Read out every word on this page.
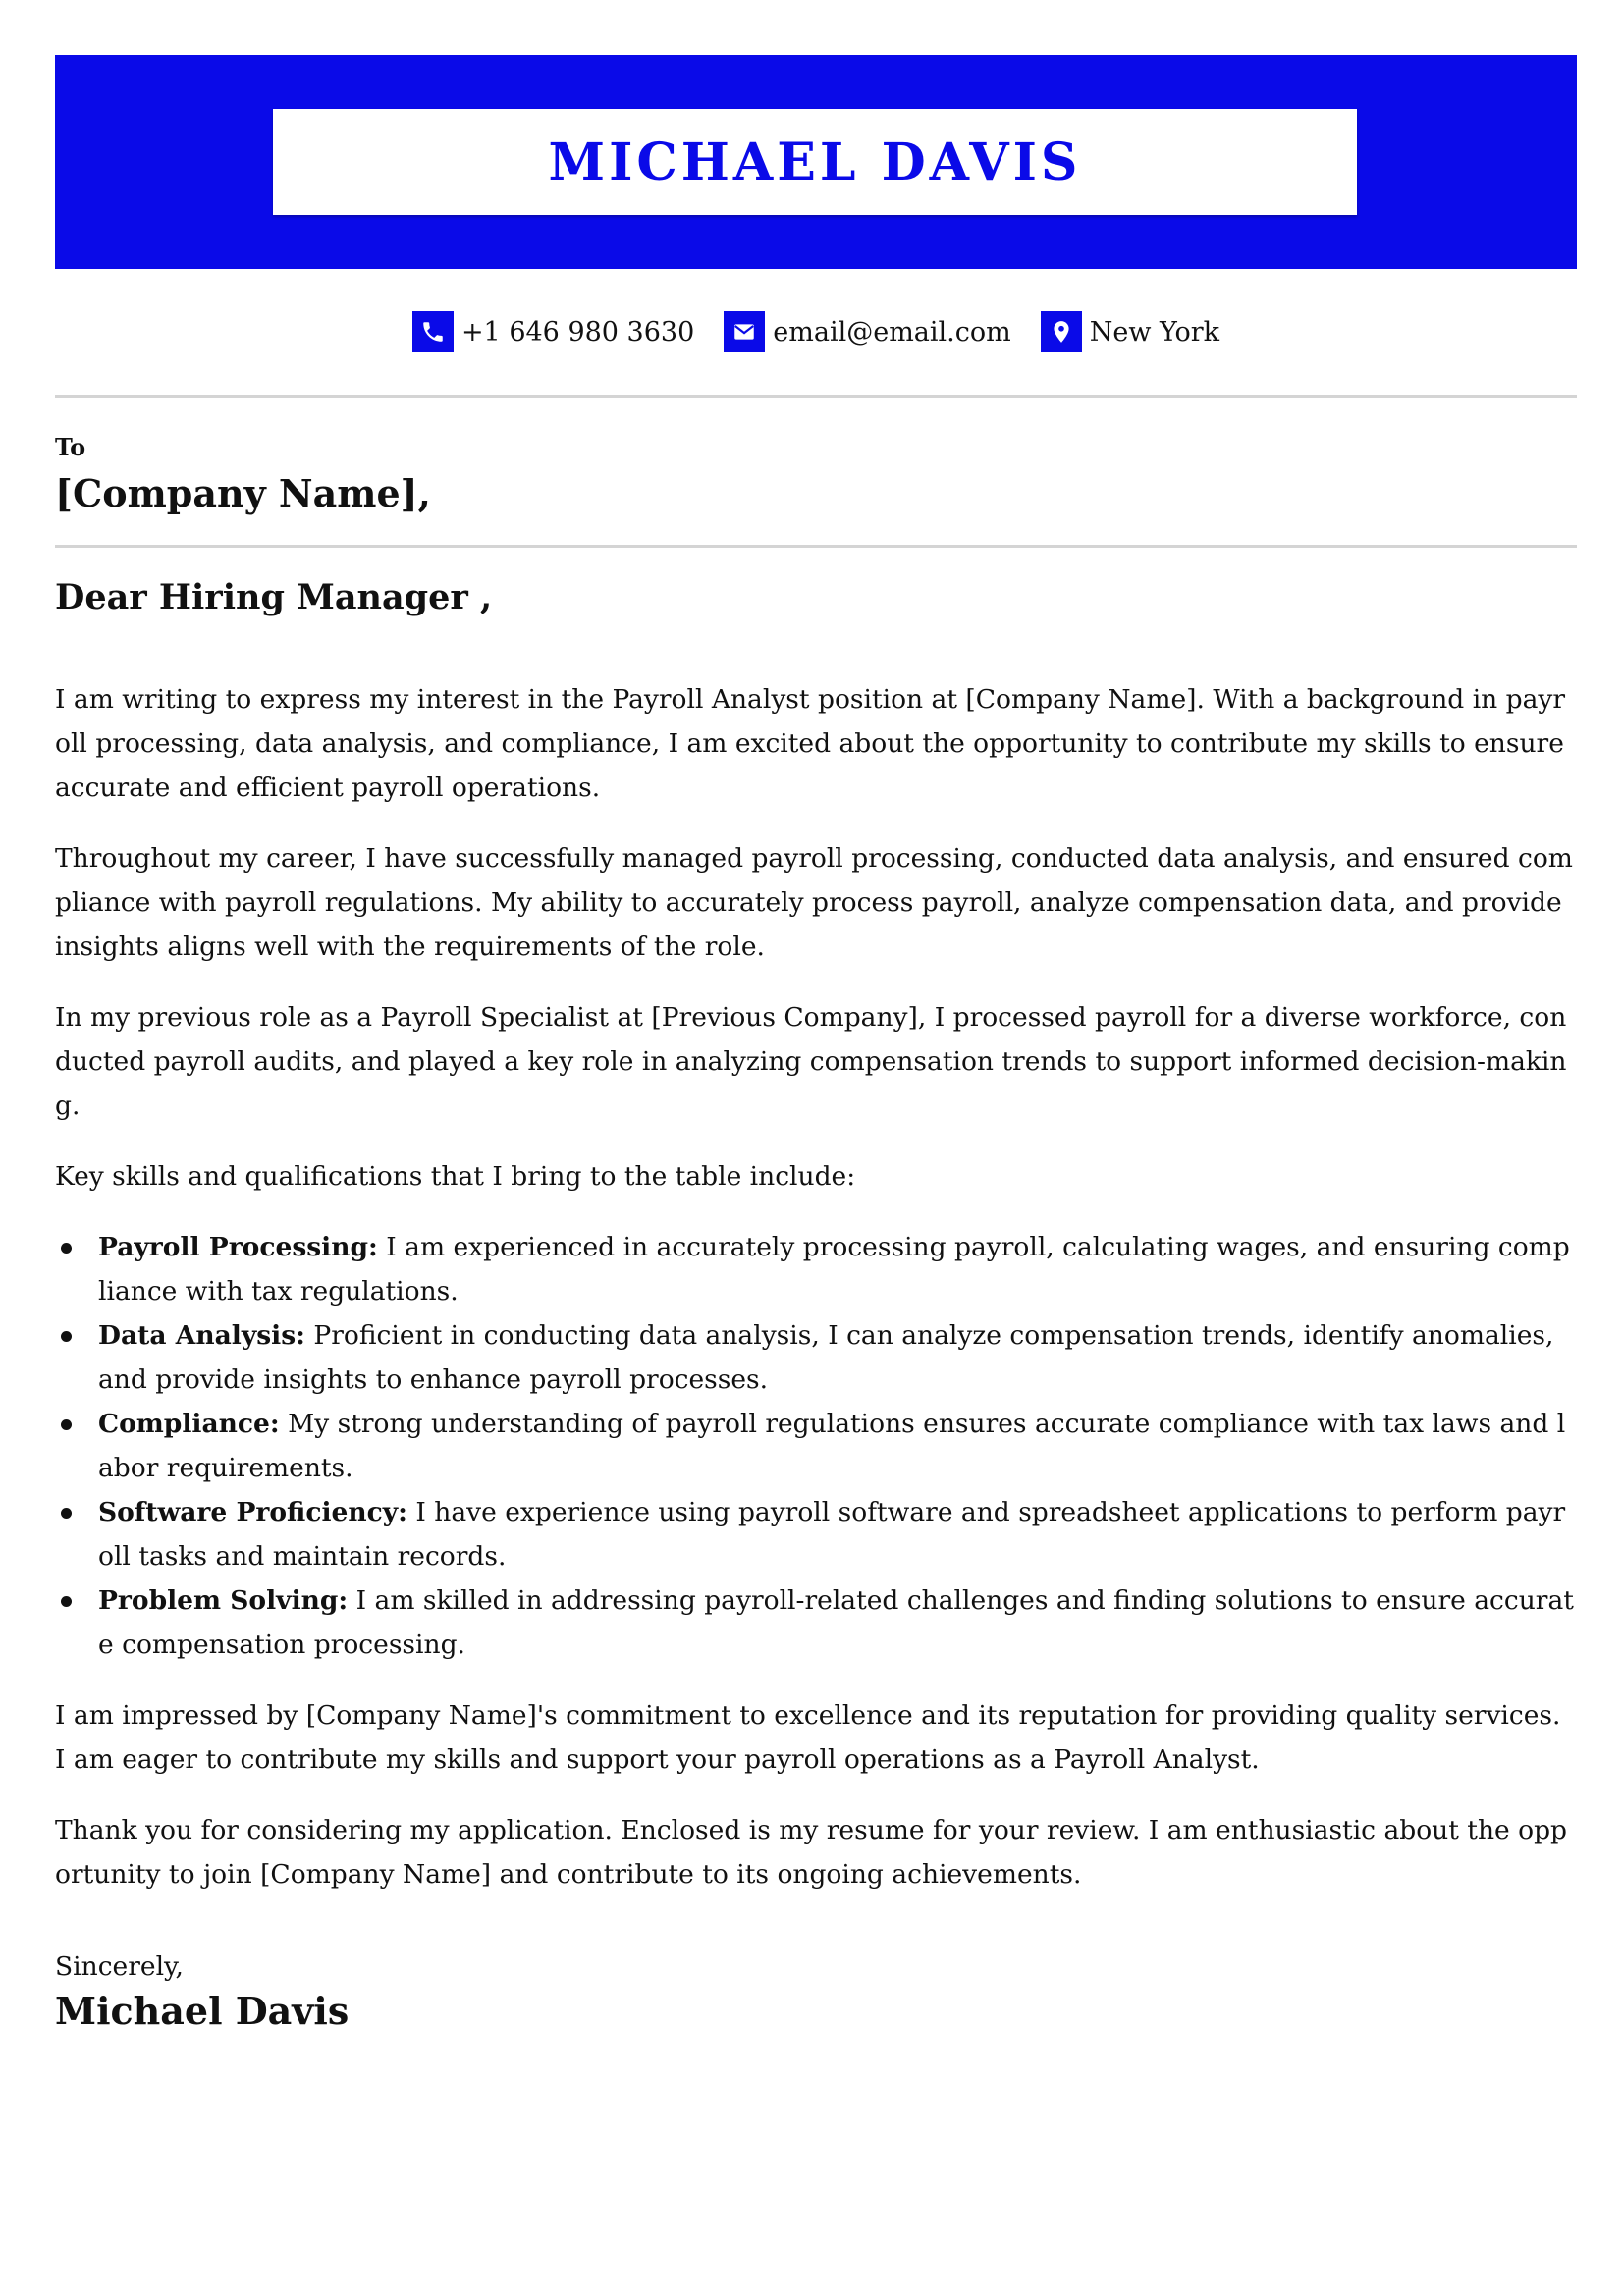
MICHAEL DAVIS
+1 646 980 3630	email@email.com	New York
To
[Company Name],
Dear Hiring Manager ,

I am writing to express my interest in the Payroll Analyst position at [Company Name]. With a background in payroll processing, data analysis, and compliance, I am excited about the opportunity to contribute my skills to ensure accurate and efficient payroll operations.

Throughout my career, I have successfully managed payroll processing, conducted data analysis, and ensured compliance with payroll regulations. My ability to accurately process payroll, analyze compensation data, and provide insights aligns well with the requirements of the role.

In my previous role as a Payroll Specialist at [Previous Company], I processed payroll for a diverse workforce, conducted payroll audits, and played a key role in analyzing compensation trends to support informed decision-making.

Key skills and qualifications that I bring to the table include:

Payroll Processing: I am experienced in accurately processing payroll, calculating wages, and ensuring compliance with tax regulations.
Data Analysis: Proficient in conducting data analysis, I can analyze compensation trends, identify anomalies, and provide insights to enhance payroll processes.
Compliance: My strong understanding of payroll regulations ensures accurate compliance with tax laws and labor requirements.
Software Proficiency: I have experience using payroll software and spreadsheet applications to perform payroll tasks and maintain records.
Problem Solving: I am skilled in addressing payroll-related challenges and finding solutions to ensure accurate compensation processing.

I am impressed by [Company Name]'s commitment to excellence and its reputation for providing quality services. I am eager to contribute my skills and support your payroll operations as a Payroll Analyst.

Thank you for considering my application. Enclosed is my resume for your review. I am enthusiastic about the opportunity to join [Company Name] and contribute to its ongoing achievements.

Sincerely,
Michael Davis
